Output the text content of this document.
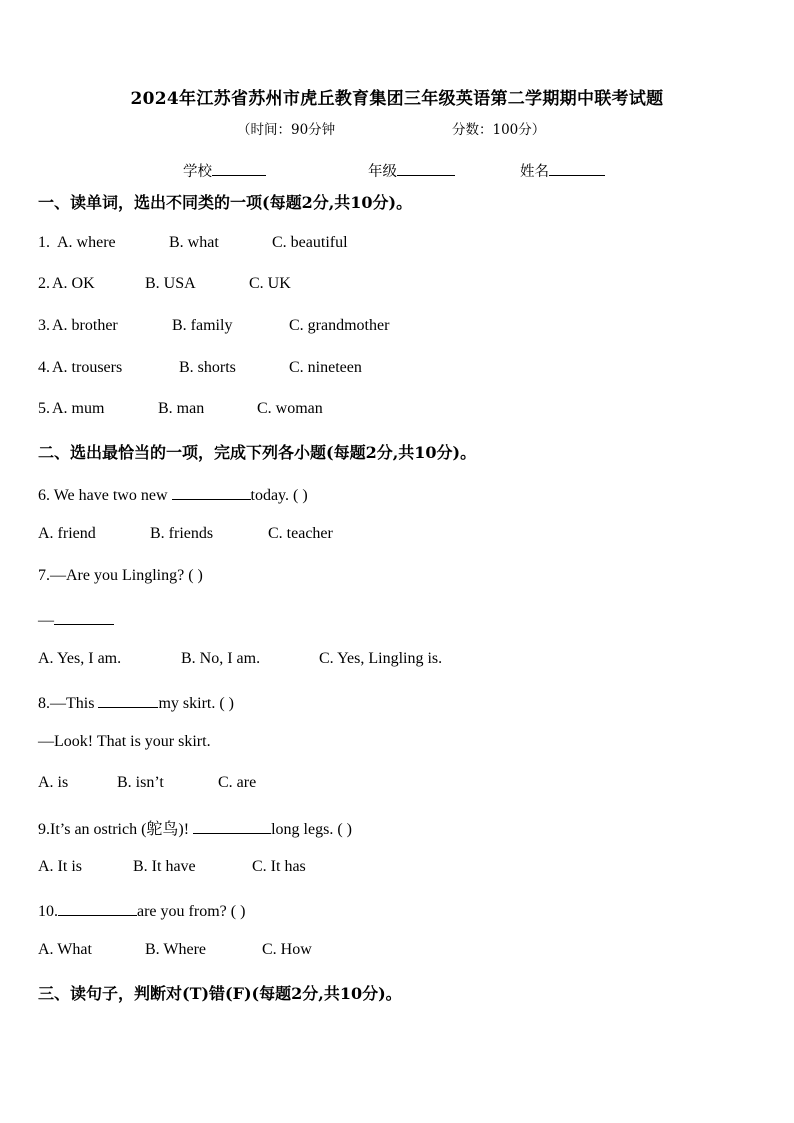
2024年江苏省苏州市虎丘教育集团三年级英语第二学期期中联考试题
（时间：90分钟	分数：100分）
学校	年级	姓名
一、读单词，选出不同类的一项(每题2分,共10分)。
1. A. where	B. what	C. beautiful
2. A. OK	B. USA	C. UK
3. A. brother	B. family	C. grandmother
4. A. trousers	B. shorts	C. nineteen
5. A. mum	B. man	C. woman
二、选出最恰当的一项，完成下列各小题(每题2分,共10分)。
6. We have two new	today. ( )
A. friend	B. friends	C. teacher
7.—Are you Lingling? ( )
—
A. Yes, I am.	B. No, I am.	C. Yes, Lingling is.
8.—This	my skirt. ( )
—Look! That is your skirt.
A. is	B. isn’t	C. are
9.It’s an ostrich (鸵鸟)!	long legs. ( )
A. It is	B. It have	C. It has
10.	are you from? ( )
A. What	B. Where	C. How
三、读句子，判断对(T)错(F)(每题2分,共10分)。
